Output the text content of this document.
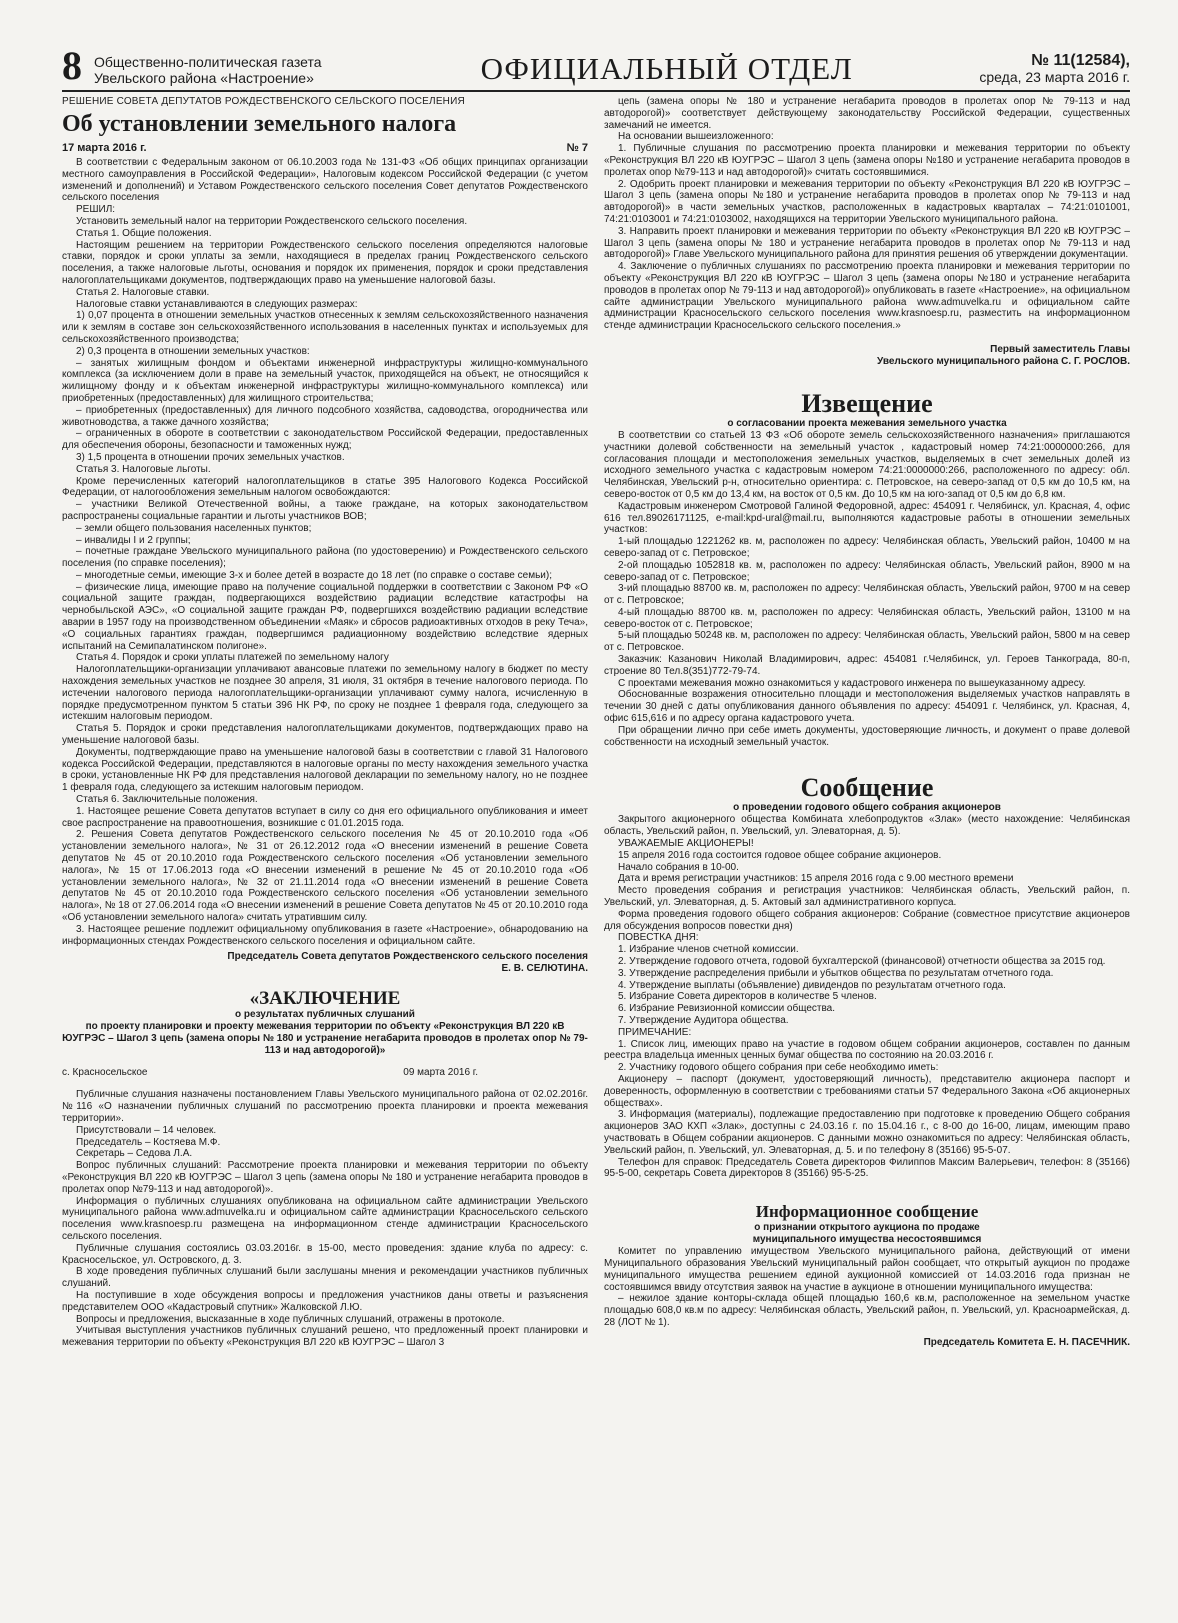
8 Общественно-политическая газета Увельского района «Настроение»	ОФИЦИАЛЬНЫЙ ОТДЕЛ	№ 11(12584),
среда, 23 марта 2016 г.
РЕШЕНИЕ СОВЕТА ДЕПУТАТОВ РОЖДЕСТВЕНСКОГО СЕЛЬСКОГО ПОСЕЛЕНИЯ
Об установлении земельного налога
17 марта 2016 г.	№ 7

В соответствии с Федеральным законом от 06.10.2003 года № 131-ФЗ «Об общих принципах организации местного самоуправления в Российской Федерации», Налоговым кодексом Российской Федерации (с учетом изменений и дополнений) и Уставом Рождественского сельского поселения Совет депутатов Рождественского сельского поселения

РЕШИЛ:

Установить земельный налог на территории Рождественского сельского поселения.

Статья 1. Общие положения.

Настоящим решением на территории Рождественского сельского поселения определяются налоговые ставки, порядок и сроки уплаты за земли, находящиеся в пределах границ Рождественского сельского поселения, а также налоговые льготы, основания и порядок их применения, порядок и сроки представления налогоплательщиками документов, подтверждающих право на уменьшение налоговой базы.

Статья 2. Налоговые ставки.

Налоговые ставки устанавливаются в следующих размерах:

1) 0,07 процента в отношении земельных участков отнесенных к землям сельскохозяйственного назначения или к землям в составе зон сельскохозяйственного использования в населенных пунктах и используемых для сельскохозяйственного производства;

2) 0,3 процента в отношении земельных участков:

– занятых жилищным фондом и объектами инженерной инфраструктуры жилищно-коммунального комплекса (за исключением доли в праве на земельный участок, приходящейся на объект, не относящийся к жилищному фонду и к объектам инженерной инфраструктуры жилищно-коммунального комплекса) или приобретенных (предоставленных) для жилищного строительства;

– приобретенных (предоставленных) для личного подсобного хозяйства, садоводства, огородничества или животноводства, а также дачного хозяйства;

– ограниченных в обороте в соответствии с законодательством Российской Федерации, предоставленных для обеспечения обороны, безопасности и таможенных нужд;

3) 1,5 процента в отношении прочих земельных участков.

Статья 3. Налоговые льготы.

Кроме перечисленных категорий налогоплательщиков в статье 395 Налогового Кодекса Российской Федерации, от налогообложения земельным налогом освобождаются:

– участники Великой Отечественной войны, а также граждане, на которых законодательством распространены социальные гарантии и льготы участников ВОВ;

– земли общего пользования населенных пунктов;

– инвалиды I и 2 группы;

– почетные граждане Увельского муниципального района (по удостоверению) и Рождественского сельского поселения (по справке поселения);

– многодетные семьи, имеющие 3-х и более детей в возрасте до 18 лет (по справке о составе семьи);

– физические лица, имеющие право на получение социальной поддержки в соответствии с Законом РФ «О социальной защите граждан, подвергающихся воздействию радиации вследствие катастрофы на чернобыльской АЭС», «О социальной защите граждан РФ, подвергшихся воздействию радиации вследствие аварии в 1957 году на производственном объединении «Маяк» и сбросов радиоактивных отходов в реку Теча», «О социальных гарантиях граждан, подвергшимся радиационному воздействию вследствие ядерных испытаний на Семипалатинском полигоне».

Статья 4. Порядок и сроки уплаты платежей по земельному налогу

Налогоплательщики-организации уплачивают авансовые платежи по земельному налогу в бюджет по месту нахождения земельных участков не позднее 30 апреля, 31 июля, 31 октября в течение налогового периода. По истечении налогового периода налогоплательщики-организации уплачивают сумму налога, исчисленную в порядке предусмотренном пунктом 5 статьи 396 НК РФ, по сроку не позднее 1 февраля года, следующего за истекшим налоговым периодом.

Статья 5. Порядок и сроки представления налогоплательщиками документов, подтверждающих право на уменьшение налоговой базы.

Документы, подтверждающие право на уменьшение налоговой базы в соответствии с главой 31 Налогового кодекса Российской Федерации, представляются в налоговые органы по месту нахождения земельного участка в сроки, установленные НК РФ для представления налоговой декларации по земельному налогу, но не позднее 1 февраля года, следующего за истекшим налоговым периодом.

Статья 6. Заключительные положения.

1. Настоящее решение Совета депутатов вступает в силу со дня его официального опубликования и имеет свое распространение на правоотношения, возникшие с 01.01.2015 года.

2. Решения Совета депутатов Рождественского сельского поселения № 45 от 20.10.2010 года «Об установлении земельного налога», № 31 от 26.12.2012 года «О внесении изменений в решение Совета депутатов № 45 от 20.10.2010 года Рождественского сельского поселения «Об установлении земельного налога», № 15 от 17.06.2013 года «О внесении изменений в решение № 45 от 20.10.2010 года «Об установлении земельного налога», № 32 от 21.11.2014 года «О внесении изменений в решение Совета депутатов № 45 от 20.10.2010 года Рождественского сельского поселения «Об установлении земельного налога», № 18 от 27.06.2014 года «О внесении изменений в решение Совета депутатов № 45 от 20.10.2010 года «Об установлении земельного налога» считать утратившим силу.

3. Настоящее решение подлежит официальному опубликования в газете «Настроение», обнародованию на информационных стендах Рождественского сельского поселения и официальном сайте.

Председатель Совета депутатов Рождественского сельского поселения
Е. В. СЕЛЮТИНА.
«ЗАКЛЮЧЕНИЕ
о результатах публичных слушаний
по проекту планировки и проекту межевания территории по объекту «Реконструкция ВЛ 220 кВ
ЮУГРЭС – Шагол 3 цепь (замена опоры № 180 и устранение негабарита проводов в пролетах опор № 79-113 и над автодорогой)»
с. Красносельское	09 марта 2016 г.

Публичные слушания назначены постановлением Главы Увельского муниципального района от 02.02.2016г. №116 «О назначении публичных слушаний по рассмотрению проекта планировки и проекта межевания территории».

Присутствовали – 14 человек.

Председатель – Костяева М.Ф.

Секретарь – Седова Л.А.

Вопрос публичных слушаний: Рассмотрение проекта планировки и межевания территории по объекту «Реконструкция ВЛ 220 кВ ЮУГРЭС – Шагол 3 цепь (замена опоры № 180 и устранение негабарита проводов в пролетах опор №79-113 и над автодорогой)».

Информация о публичных слушаниях опубликована на официальном сайте администрации Увельского муниципального района www.admuvelka.ru и официальном сайте администрации Красносельского сельского поселения www.krasnoesp.ru размещена на информационном стенде администрации Красносельского сельского поселения.

Публичные слушания состоялись 03.03.2016г. в 15-00, место проведения: здание клуба по адресу: с. Красносельское, ул. Островского, д. 3.

В ходе проведения публичных слушаний были заслушаны мнения и рекомендации участников публичных слушаний.

На поступившие в ходе обсуждения вопросы и предложения участников даны ответы и разъяснения представителем ООО «Кадастровый спутник» Жалковской Л.Ю.

Вопросы и предложения, высказанные в ходе публичных слушаний, отражены в протоколе.

Учитывая выступления участников публичных слушаний решено, что предложенный проект планировки и межевания территории по объекту «Реконструкция ВЛ 220 кВ ЮУГРЭС – Шагол 3

цепь (замена опоры № 180 и устранение негабарита проводов в пролетах опор № 79-113 и над автодорогой)» соответствует действующему законодательству Российской Федерации, существенных замечаний не имеется.

На основании вышеизложенного:

1. Публичные слушания по рассмотрению проекта планировки и межевания территории по объекту «Реконструкция ВЛ 220 кВ ЮУГРЭС – Шагол 3 цепь (замена опоры №180 и устранение негабарита проводов в пролетах опор №79-113 и над автодорогой)» считать состоявшимися.

2. Одобрить проект планировки и межевания территории по объекту «Реконструкция ВЛ 220 кВ ЮУГРЭС – Шагол 3 цепь (замена опоры №180 и устранение негабарита проводов в пролетах опор № 79-113 и над автодорогой)» в части земельных участков, расположенных в кадастровых кварталах – 74:21:0101001, 74:21:0103001 и 74:21:0103002, находящихся на территории Увельского муниципального района.

3. Направить проект планировки и межевания территории по объекту «Реконструкция ВЛ 220 кВ ЮУГРЭС – Шагол 3 цепь (замена опоры № 180 и устранение негабарита проводов в пролетах опор № 79-113 и над автодорогой)» Главе Увельского муниципального района для принятия решения об утверждении документации.

4. Заключение о публичных слушаниях по рассмотрению проекта планировки и межевания территории по объекту «Реконструкция ВЛ 220 кВ ЮУГРЭС – Шагол 3 цепь (замена опоры №180 и устранение негабарита проводов в пролетах опор № 79-113 и над автодорогой)» опубликовать в газете «Настроение», на официальном сайте администрации Увельского муниципального района www.admuvelka.ru и официальном сайте администрации Красносельского сельского поселения www.krasnoesp.ru, разместить на информационном стенде администрации Красносельского сельского поселения.»

Первый заместитель Главы
Увельского муниципального района С. Г. РОСЛОВ.
Извещение
о согласовании проекта межевания земельного участка

В соответствии со статьей 13 ФЗ «Об обороте земель сельскохозяйственного назначения» приглашаются участники долевой собственности на земельный участок , кадастровый номер 74:21:0000000:266, для согласования площади и местоположения земельных участков, выделяемых в счет земельных долей из исходного земельного участка с кадастровым номером 74:21:0000000:266, расположенного по адресу: обл. Челябинская, Увельский р-н, относительно ориентира: с. Петровское, на северо-запад от 0,5 км до 10,5 км, на северо-восток от 0,5 км до 13,4 км, на восток от 0,5 км. До 10,5 км на юго-запад от 0,5 км до 6,8 км.

Кадастровым инженером Смотровой Галиной Федоровной, адрес: 454091 г. Челябинск, ул. Красная, 4, офис 616 тел.89026171125, e-mail:kpd-ural@mail.ru, выполняются кадастровые работы в отношении земельных участков:

1-ый площадью 1221262 кв. м, расположен по адресу: Челябинская область, Увельский район, 10400 м на северо-запад от с. Петровское;

2-ой площадью 1052818 кв. м, расположен по адресу: Челябинская область, Увельский район, 8900 м на северо-запад от с. Петровское;

3-ий площадью 88700 кв. м, расположен по адресу: Челябинская область, Увельский район, 9700 м на север от с. Петровское;

4-ый площадью 88700 кв. м, расположен по адресу: Челябинская область, Увельский район, 13100 м на северо-восток от с. Петровское;

5-ый площадью 50248 кв. м, расположен по адресу: Челябинская область, Увельский район, 5800 м на север от с. Петровское.

Заказчик: Казанович Николай Владимирович, адрес: 454081 г.Челябинск, ул. Героев Танкограда, 80-п, строение 80 Тел.8(351)772-79-74.

С проектами межевания можно ознакомиться у кадастрового инженера по вышеуказанному адресу.

Обоснованные возражения относительно площади и местоположения выделяемых участков направлять в течении 30 дней с даты опубликования данного объявления по адресу: 454091 г. Челябинск, ул. Красная, 4, офис 615,616 и по адресу органа кадастрового учета.

При обращении лично при себе иметь документы, удостоверяющие личность, и документ о праве долевой собственности на исходный земельный участок.

Сообщение
о проведении годового общего собрания акционеров

Закрытого акционерного общества Комбината хлебопродуктов «Злак» (место нахождение: Челябинская область, Увельский район, п. Увельский, ул. Элеваторная, д. 5).

УВАЖАЕМЫЕ АКЦИОНЕРЫ!

15 апреля 2016 года состоится годовое общее собрание акционеров.

Начало собрания в 10-00.

Дата и время регистрации участников: 15 апреля 2016 года с 9.00 местного времени

Место проведения собрания и регистрация участников: Челябинская область, Увельский район, п. Увельский, ул. Элеваторная, д. 5. Актовый зал административного корпуса.

Форма проведения годового общего собрания акционеров: Собрание (совместное присутствие акционеров для обсуждения вопросов повестки дня)

ПОВЕСТКА ДНЯ:

1. Избрание членов счетной комиссии.

2. Утверждение годового отчета, годовой бухгалтерской (финансовой) отчетности общества за 2015 год.

3. Утверждение распределения прибыли и убытков общества по результатам отчетного года.

4. Утверждение выплаты (объявление) дивидендов по результатам отчетного года.

5. Избрание Совета директоров в количестве 5 членов.

6. Избрание Ревизионной комиссии общества.

7. Утверждение Аудитора общества.

ПРИМЕЧАНИЕ:

1. Список лиц, имеющих право на участие в годовом общем собрании акционеров, составлен по данным реестра владельца именных ценных бумаг общества по состоянию на 20.03.2016 г.

2. Участнику годового общего собрания при себе необходимо иметь:

Акционеру – паспорт (документ, удостоверяющий личность), представителю акционера паспорт и доверенность, оформленную в соответствии с требованиями статьи 57 Федерального Закона «Об акционерных обществах».

3. Информация (материалы), подлежащие предоставлению при подготовке к проведению Общего собрания акционеров ЗАО КХП «Злак», доступны с 24.03.16 г. по 15.04.16 г., с 8-00 до 16-00, лицам, имеющим право участвовать в Общем собрании акционеров. С данными можно ознакомиться по адресу: Челябинская область, Увельский район, п. Увельский, ул. Элеваторная, д. 5. и по телефону 8 (35166) 95-5-07.

Телефон для справок: Председатель Совета директоров Филиппов Максим Валерьевич, телефон: 8 (35166) 95-5-00, секретарь Совета директоров 8 (35166) 95-5-25.

Информационное сообщение
о признании открытого аукциона по продаже
муниципального имущества несостоявшимся

Комитет по управлению имуществом Увельского муниципального района, действующий от имени Муниципального образования Увельский муниципальный район сообщает, что открытый аукцион по продаже муниципального имущества решением единой аукционной комиссией от 14.03.2016 года признан не состоявшимся ввиду отсутствия заявок на участие в аукционе в отношении муниципального имущества:

– нежилое здание конторы-склада общей площадью 160,6 кв.м, расположенное на земельном участке площадью 608,0 кв.м по адресу: Челябинская область, Увельский район, п. Увельский, ул. Красноармейская, д. 28 (ЛОТ № 1).

Председатель Комитета Е. Н. ПАСЕЧНИК.
